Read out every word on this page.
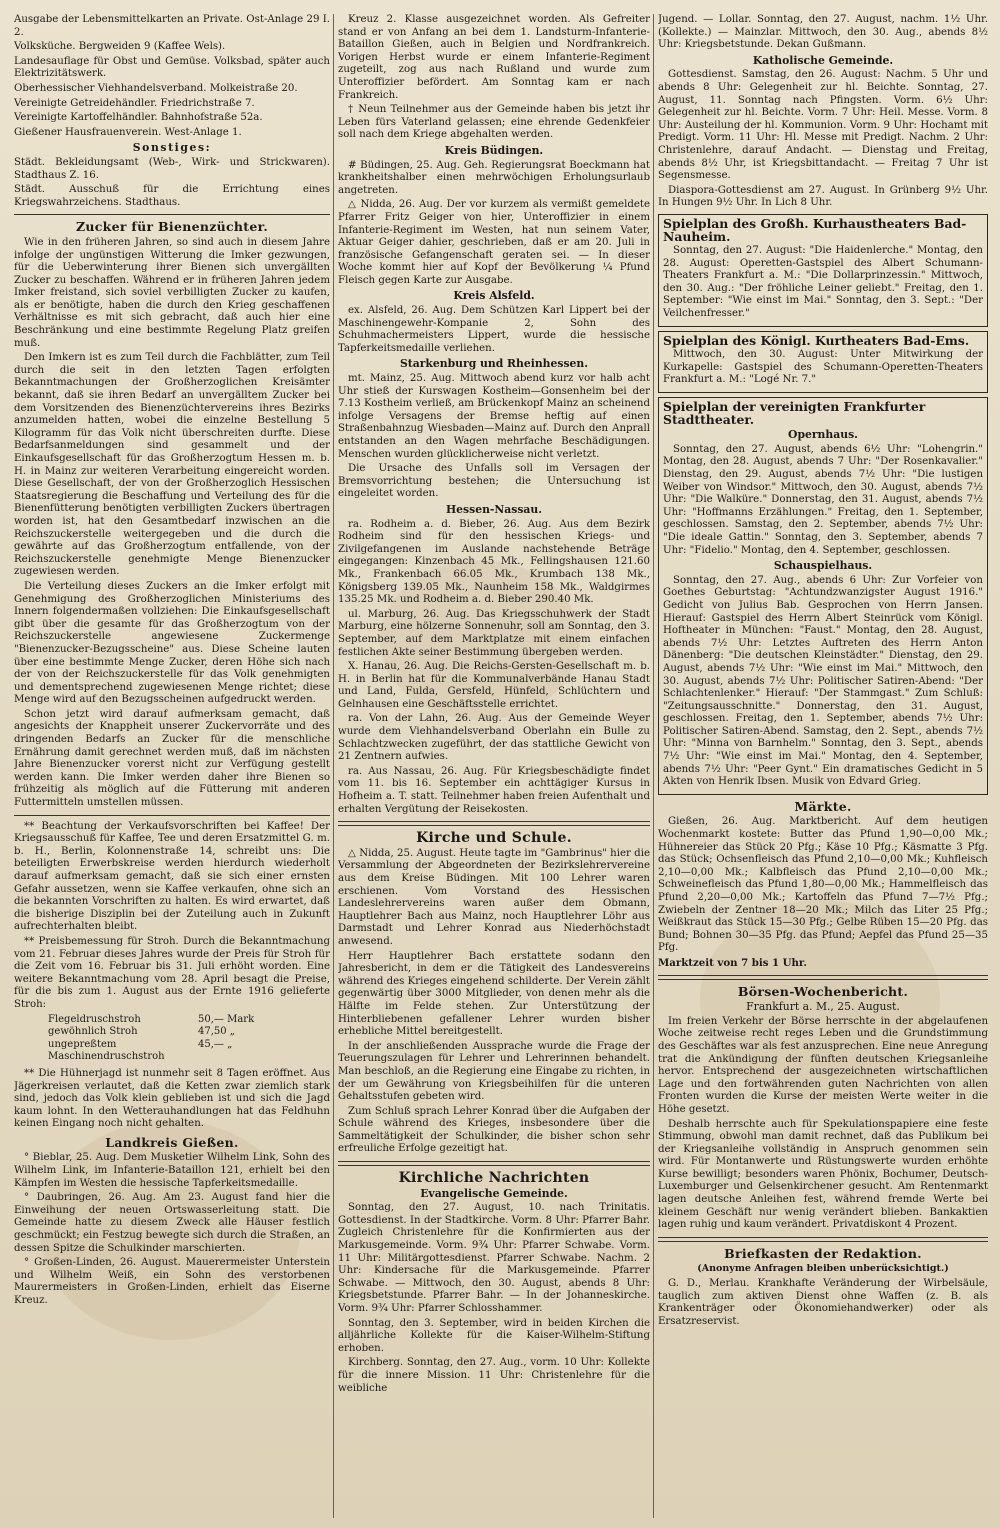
Ausgabe der Lebensmittelkarten an Private. Ost-Anlage 29 I. 2.

Volksküche. Bergweiden 9 (Kaffee Wels).

Landesauflage für Obst und Gemüse. Volksbad, später auch Elektrizitätswerk.

Oberhessischer Viehhandelsverband. Molkeistraße 20.

Vereinigte Getreidehändler. Friedrichstraße 7.

Vereinigte Kartoffelhändler. Bahnhofstraße 52a.

Gießener Hausfrauenverein. West-Anlage 1.

Sonstiges:

Städt. Bekleidungsamt (Web-, Wirk- und Strickwaren). Stadthaus Z. 16.

Städt. Ausschuß für die Errichtung eines Kriegswahrzeichens. Stadthaus.

Zucker für Bienenzüchter.

Wie in den früheren Jahren, so sind auch in diesem Jahre infolge der ungünstigen Witterung die Imker gezwungen, für die Ueberwinterung ihrer Bienen sich unvergällten Zucker zu beschaffen. Während er in früheren Jahren jedem Imker freistand, sich soviel verbilligten Zucker zu kaufen, als er benötigte, haben die durch den Krieg geschaffenen Verhältnisse es mit sich gebracht, daß auch hier eine Beschränkung und eine bestimmte Regelung Platz greifen muß.

Den Imkern ist es zum Teil durch die Fachblätter, zum Teil durch die seit in den letzten Tagen erfolgten Bekanntmachungen der Großherzoglichen Kreisämter bekannt, daß sie ihren Bedarf an unvergälltem Zucker bei dem Vorsitzenden des Bienenzüchtervereins ihres Bezirks anzumelden hatten, wobei die einzelne Bestellung 5 Kilogramm für das Volk nicht überschreiten durfte. Diese Bedarfsanmeldungen sind gesammelt und der Einkaufsgesellschaft für das Großherzogtum Hessen m. b. H. in Mainz zur weiteren Verarbeitung eingereicht worden. Diese Gesellschaft, der von der Großherzoglich Hessischen Staatsregierung die Beschaffung und Verteilung des für die Bienenfütterung benötigten verbilligten Zuckers übertragen worden ist, hat den Gesamtbedarf inzwischen an die Reichszuckerstelle weitergegeben und die durch die gewährte auf das Großherzogtum entfallende, von der Reichszuckerstelle genehmigte Menge Bienenzucker zugewiesen werden.

Die Verteilung dieses Zuckers an die Imker erfolgt mit Genehmigung des Großherzoglichen Ministeriums des Innern folgendermaßen vollziehen: Die Einkaufsgesellschaft gibt über die gesamte für das Großherzogtum von der Reichszuckerstelle angewiesene Zuckermenge "Bienenzucker-Bezugsscheine" aus. Diese Scheine lauten über eine bestimmte Menge Zucker, deren Höhe sich nach der von der Reichszuckerstelle für das Volk genehmigten und dementsprechend zugewiesenen Menge richtet; diese Menge wird auf den Bezugsscheinen aufgedruckt werden.

Schon jetzt wird darauf aufmerksam gemacht, daß angesichts der Knappheit unserer Zuckervorräte und des dringenden Bedarfs an Zucker für die menschliche Ernährung damit gerechnet werden muß, daß im nächsten Jahre Bienenzucker vorerst nicht zur Verfügung gestellt werden kann. Die Imker werden daher ihre Bienen so frühzeitig als möglich auf die Fütterung mit anderen Futtermitteln umstellen müssen.

** Beachtung der Verkaufsvorschriften bei Kaffee! Der Kriegsausschuß für Kaffee, Tee und deren Ersatzmittel G. m. b. H., Berlin, Kolonnenstraße 14, schreibt uns: Die beteiligten Erwerbskreise werden hierdurch wiederholt darauf aufmerksam gemacht, daß sie sich einer ernsten Gefahr aussetzen, wenn sie Kaffee verkaufen, ohne sich an die bekannten Vorschriften zu halten. Es wird erwartet, daß die bisherige Disziplin bei der Zuteilung auch in Zukunft aufrechterhalten bleibt.

** Preisbemessung für Stroh. Durch die Bekanntmachung vom 21. Februar dieses Jahres wurde der Preis für Stroh für die Zeit vom 16. Februar bis 31. Juli erhöht worden. Eine weitere Bekanntmachung vom 28. April besagt die Preise, für die bis zum 1. August aus der Ernte 1916 gelieferte Stroh:

Flegeldruschstroh	50,— Mark
gewöhnlich Stroh	47,50 „
ungepreßtem Maschinendruschstroh
45,— „

** Die Hühnerjagd ist nunmehr seit 8 Tagen eröffnet. Aus Jägerkreisen verlautet, daß die Ketten zwar ziemlich stark sind, jedoch das Volk klein geblieben ist und sich die Jagd kaum lohnt. In den Wetterauhandlungen hat das Feldhuhn keinen Eingang noch nicht gehalten.

Landkreis Gießen.

° Bieblar, 25. Aug. Dem Musketier Wilhelm Link, Sohn des Wilhelm Link, im Infanterie-Bataillon 121, erhielt bei den Kämpfen im Westen die hessische Tapferkeitsmedaille.

° Daubringen, 26. Aug. Am 23. August fand hier die Einweihung der neuen Ortswasserleitung statt. Die Gemeinde hatte zu diesem Zweck alle Häuser festlich geschmückt; ein Festzug bewegte sich durch die Straßen, an dessen Spitze die Schulkinder marschierten.

° Großen-Linden, 26. August. Mauerermeister Unterstein und Wilhelm Weiß, ein Sohn des verstorbenen Maurermeisters in Großen-Linden, erhielt das Eiserne Kreuz.

Kreuz 2. Klasse ausgezeichnet worden. Als Gefreiter stand er von Anfang an bei dem 1. Landsturm-Infanterie-Bataillon Gießen, auch in Belgien und Nordfrankreich. Vorigen Herbst wurde er einem Infanterie-Regiment zugeteilt, zog aus nach Rußland und wurde zum Unteroffizier befördert. Am Sonntag kam er nach Frankreich.

† Neun Teilnehmer aus der Gemeinde haben bis jetzt ihr Leben fürs Vaterland gelassen; eine ehrende Gedenkfeier soll nach dem Kriege abgehalten werden.

Kreis Büdingen.

# Büdingen, 25. Aug. Geh. Regierungsrat Boeckmann hat krankheitshalber einen mehrwöchigen Erholungsurlaub angetreten.

△ Nidda, 26. Aug. Der vor kurzem als vermißt gemeldete Pfarrer Fritz Geiger von hier, Unteroffizier in einem Infanterie-Regiment im Westen, hat nun seinem Vater, Aktuar Geiger dahier, geschrieben, daß er am 20. Juli in französische Gefangenschaft geraten sei. — In dieser Woche kommt hier auf Kopf der Bevölkerung ¼ Pfund Fleisch gegen Karte zur Ausgabe.

Kreis Alsfeld.

ex. Alsfeld, 26. Aug. Dem Schützen Karl Lippert bei der Maschinengewehr-Kompanie 2, Sohn des Schuhmachermeisters Lippert, wurde die hessische Tapferkeitsmedaille verliehen.

Starkenburg und Rheinhessen.

mt. Mainz, 25. Aug. Mittwoch abend kurz vor halb acht Uhr stieß der Kurswagen Kostheim—Gonsenheim bei der 7.13 Kostheim verließ, am Brückenkopf Mainz an scheinend infolge Versagens der Bremse heftig auf einen Straßenbahnzug Wiesbaden—Mainz auf. Durch den Anprall entstanden an den Wagen mehrfache Beschädigungen. Menschen wurden glücklicherweise nicht verletzt.

Die Ursache des Unfalls soll im Versagen der Bremsvorrichtung bestehen; die Untersuchung ist eingeleitet worden.

Hessen-Nassau.

ra. Rodheim a. d. Bieber, 26. Aug. Aus dem Bezirk Rodheim sind für den hessischen Kriegs- und Zivilgefangenen im Auslande nachstehende Beträge eingegangen: Kinzenbach 45 Mk., Fellingshausen 121.60 Mk., Frankenbach 66.05 Mk., Krumbach 138 Mk., Königsberg 139.05 Mk., Naunheim 158 Mk., Waldgirmes 135.25 Mk. und Rodheim a. d. Bieber 290.40 Mk.

ul. Marburg, 26. Aug. Das Kriegsschuhwerk der Stadt Marburg, eine hölzerne Sonnenuhr, soll am Sonntag, den 3. September, auf dem Marktplatze mit einem einfachen festlichen Akte seiner Bestimmung übergeben werden.

X. Hanau, 26. Aug. Die Reichs-Gersten-Gesellschaft m. b. H. in Berlin hat für die Kommunalverbände Hanau Stadt und Land, Fulda, Gersfeld, Hünfeld, Schlüchtern und Gelnhausen eine Geschäftsstelle errichtet.

ra. Von der Lahn, 26. Aug. Aus der Gemeinde Weyer wurde dem Viehhandelsverband Oberlahn ein Bulle zu Schlachtzwecken zugeführt, der das stattliche Gewicht von 21 Zentnern aufwies.

ra. Aus Nassau, 26. Aug. Für Kriegsbeschädigte findet vom 11. bis 16. September ein achttägiger Kursus in Hofheim a. T. statt. Teilnehmer haben freien Aufenthalt und erhalten Vergütung der Reisekosten.

Kirche und Schule.

△ Nidda, 25. August. Heute tagte im "Gambrinus" hier die Versammlung der Abgeordneten der Bezirkslehrervereine aus dem Kreise Büdingen. Mit 100 Lehrer waren erschienen. Vom Vorstand des Hessischen Landeslehrervereins waren außer dem Obmann, Hauptlehrer Bach aus Mainz, noch Hauptlehrer Löhr aus Darmstadt und Lehrer Konrad aus Niederhöchstadt anwesend.

Herr Hauptlehrer Bach erstattete sodann den Jahresbericht, in dem er die Tätigkeit des Landesvereins während des Krieges eingehend schilderte. Der Verein zählt gegenwärtig über 3000 Mitglieder, von denen mehr als die Hälfte im Felde stehen. Zur Unterstützung der Hinterbliebenen gefallener Lehrer wurden bisher erhebliche Mittel bereitgestellt.

In der anschließenden Aussprache wurde die Frage der Teuerungszulagen für Lehrer und Lehrerinnen behandelt. Man beschloß, an die Regierung eine Eingabe zu richten, in der um Gewährung von Kriegsbeihilfen für die unteren Gehaltsstufen gebeten wird.

Zum Schluß sprach Lehrer Konrad über die Aufgaben der Schule während des Krieges, insbesondere über die Sammeltätigkeit der Schulkinder, die bisher schon sehr erfreuliche Erfolge gezeitigt hat.

Kirchliche Nachrichten
Evangelische Gemeinde.

Sonntag, den 27. August, 10. nach Trinitatis. Gottesdienst. In der Stadtkirche. Vorm. 8 Uhr: Pfarrer Bahr. Zugleich Christenlehre für die Konfirmierten aus der Markusgemeinde. Vorm. 9¾ Uhr: Pfarrer Schwabe. Vorm. 11 Uhr: Militärgottesdienst. Pfarrer Schwabe. Nachm. 2 Uhr: Kindersache für die Markusgemeinde. Pfarrer Schwabe. — Mittwoch, den 30. August, abends 8 Uhr: Kriegsbetstunde. Pfarrer Bahr. — In der Johanneskirche. Vorm. 9¾ Uhr: Pfarrer Schlosshammer.

Sonntag, den 3. September, wird in beiden Kirchen die alljährliche Kollekte für die Kaiser-Wilhelm-Stiftung erhoben.

Kirchberg. Sonntag, den 27. Aug., vorm. 10 Uhr: Kollekte für die innere Mission. 11 Uhr: Christenlehre für die weibliche

Jugend. — Lollar. Sonntag, den 27. August, nachm. 1½ Uhr. (Kollekte.) — Mainzlar. Mittwoch, den 30. Aug., abends 8½ Uhr: Kriegsbetstunde. Dekan Gußmann.

Katholische Gemeinde.

Gottesdienst. Samstag, den 26. August: Nachm. 5 Uhr und abends 8 Uhr: Gelegenheit zur hl. Beichte. Sonntag, 27. August, 11. Sonntag nach Pfingsten. Vorm. 6½ Uhr: Gelegenheit zur hl. Beichte. Vorm. 7 Uhr: Heil. Messe. Vorm. 8 Uhr: Austeilung der hl. Kommunion. Vorm. 9 Uhr: Hochamt mit Predigt. Vorm. 11 Uhr: Hl. Messe mit Predigt. Nachm. 2 Uhr: Christenlehre, darauf Andacht. — Dienstag und Freitag, abends 8½ Uhr, ist Kriegsbittandacht. — Freitag 7 Uhr ist Segensmesse.

Diaspora-Gottesdienst am 27. August. In Grünberg 9½ Uhr. In Hungen 9½ Uhr. In Lich 8 Uhr.

Spielplan des Großh. Kurhaustheaters Bad-Nauheim.

Sonntag, den 27. August: "Die Haidenlerche." Montag, den 28. August: Operetten-Gastspiel des Albert Schumann-Theaters Frankfurt a. M.: "Die Dollarprinzessin." Mittwoch, den 30. Aug.: "Der fröhliche Leiner geliebt." Freitag, den 1. September: "Wie einst im Mai." Sonntag, den 3. Sept.: "Der Veilchenfresser."

Spielplan des Königl. Kurtheaters Bad-Ems.

Mittwoch, den 30. August: Unter Mitwirkung der Kurkapelle: Gastspiel des Schumann-Operetten-Theaters Frankfurt a. M.: "Logé Nr. 7."

Spielplan der vereinigten Frankfurter Stadttheater.
Opernhaus.

Sonntag, den 27. August, abends 6½ Uhr: "Lohengrin." Montag, den 28. August, abends 7 Uhr: "Der Rosenkavalier." Dienstag, den 29. August, abends 7½ Uhr: "Die lustigen Weiber von Windsor." Mittwoch, den 30. August, abends 7½ Uhr: "Die Walküre." Donnerstag, den 31. August, abends 7½ Uhr: "Hoffmanns Erzählungen." Freitag, den 1. September, geschlossen. Samstag, den 2. September, abends 7½ Uhr: "Die ideale Gattin." Sonntag, den 3. September, abends 7 Uhr: "Fidelio." Montag, den 4. September, geschlossen.

Schauspielhaus.

Sonntag, den 27. Aug., abends 6 Uhr: Zur Vorfeier von Goethes Geburtstag: "Achtundzwanzigster August 1916." Gedicht von Julius Bab. Gesprochen von Herrn Jansen. Hierauf: Gastspiel des Herrn Albert Steinrück vom Königl. Hoftheater in München: "Faust." Montag, den 28. August, abends 7½ Uhr: Letztes Auftreten des Herrn Anton Dänenberg: "Die deutschen Kleinstädter." Dienstag, den 29. August, abends 7½ Uhr: "Wie einst im Mai." Mittwoch, den 30. August, abends 7½ Uhr: Politischer Satiren-Abend: "Der Schlachtenlenker." Hierauf: "Der Stammgast." Zum Schluß: "Zeitungsausschnitte." Donnerstag, den 31. August, geschlossen. Freitag, den 1. September, abends 7½ Uhr: Politischer Satiren-Abend. Samstag, den 2. Sept., abends 7½ Uhr: "Minna von Barnhelm." Sonntag, den 3. Sept., abends 7½ Uhr: "Wie einst im Mai." Montag, den 4. September, abends 7½ Uhr: "Peer Gynt." Ein dramatisches Gedicht in 5 Akten von Henrik Ibsen. Musik von Edvard Grieg.

Märkte.

Gießen, 26. Aug. Marktbericht. Auf dem heutigen Wochenmarkt kostete: Butter das Pfund 1,90—0,00 Mk.; Hühnereier das Stück 20 Pfg.; Käse 10 Pfg.; Käsmatte 3 Pfg. das Stück; Ochsenfleisch das Pfund 2,10—0,00 Mk.; Kuhfleisch 2,10—0,00 Mk.; Kalbfleisch das Pfund 2,10—0,00 Mk.; Schweinefleisch das Pfund 1,80—0,00 Mk.; Hammelfleisch das Pfund 2,20—0,00 Mk.; Kartoffeln das Pfund 7—7½ Pfg.; Zwiebeln der Zentner 18—20 Mk.; Milch das Liter 25 Pfg.; Weißkraut das Stück 15—30 Pfg.; Gelbe Rüben 15—20 Pfg. das Bund; Bohnen 30—35 Pfg. das Pfund; Aepfel das Pfund 25—35 Pfg.

Marktzeit von 7 bis 1 Uhr.

Börsen-Wochenbericht.
Frankfurt a. M., 25. August.

Im freien Verkehr der Börse herrschte in der abgelaufenen Woche zeitweise recht reges Leben und die Grundstimmung des Geschäftes war als fest anzusprechen. Eine neue Anregung trat die Ankündigung der fünften deutschen Kriegsanleihe hervor. Entsprechend der ausgezeichneten wirtschaftlichen Lage und den fortwährenden guten Nachrichten von allen Fronten wurden die Kurse der meisten Werte weiter in die Höhe gesetzt.

Deshalb herrschte auch für Spekulationspapiere eine feste Stimmung, obwohl man damit rechnet, daß das Publikum bei der Kriegsanleihe vollständig in Anspruch genommen sein wird. Für Montanwerte und Rüstungswerte wurden erhöhte Kurse bewilligt; besonders waren Phönix, Bochumer, Deutsch-Luxemburger und Gelsenkirchener gesucht. Am Rentenmarkt lagen deutsche Anleihen fest, während fremde Werte bei kleinem Geschäft nur wenig verändert blieben. Bankaktien lagen ruhig und kaum verändert. Privatdiskont 4 Prozent.

Briefkasten der Redaktion.
(Anonyme Anfragen bleiben unberücksichtigt.)

G. D., Merlau. Krankhafte Veränderung der Wirbelsäule, tauglich zum aktiven Dienst ohne Waffen (z. B. als Krankenträger oder Ökonomiehandwerker) oder als Ersatzreservist.
